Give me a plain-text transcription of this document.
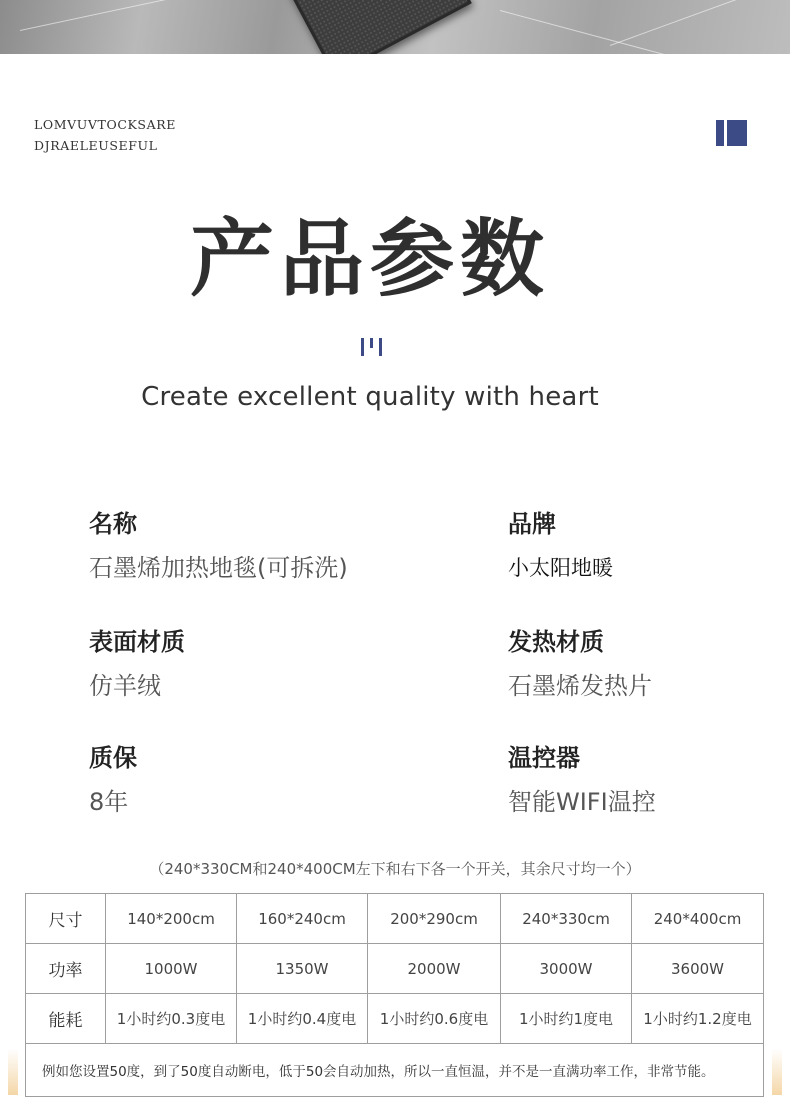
LOMVUVTOCKSARE
DJRAELEUSEFUL
产品参数
Create excellent quality with heart
名称
石墨烯加热地毯(可拆洗)
品牌
小太阳地暖
表面材质
仿羊绒
发热材质
石墨烯发热片
质保
8年
温控器
智能WIFI温控
（240*330CM和240*400CM左下和右下各一个开关，其余尺寸均一个）
尺寸	140*200cm	160*240cm	200*290cm	240*330cm	240*400cm
功率	1000W	1350W	2000W	3000W	3600W
能耗	1小时约0.3度电	1小时约0.4度电	1小时约0.6度电	1小时约1度电	1小时约1.2度电
例如您设置50度，到了50度自动断电，低于50会自动加热，所以一直恒温，并不是一直满功率工作，非常节能。					
